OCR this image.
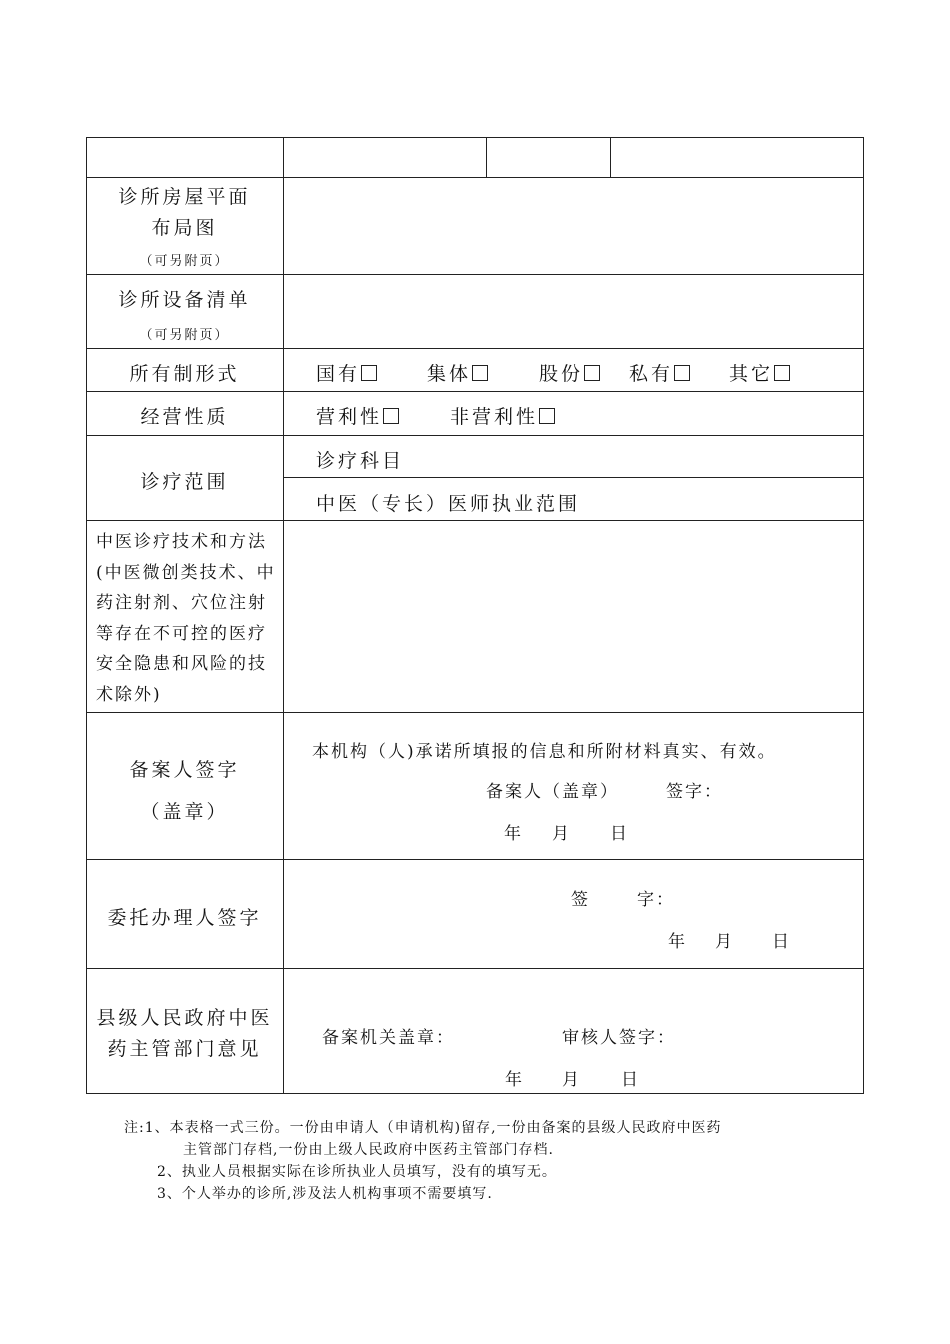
诊所房屋平面
布局图
（可另附页）
诊所设备清单
（可另附页）
所有制形式	国有	集体	股份	私有	其它
经营性质	营利性	非营利性
诊疗范围
诊疗科目
中医（专长）医师执业范围
中医诊疗技术和方法(中医微创类技术、中药注射剂、穴位注射等存在不可控的医疗安全隐患和风险的技术除外)
备案人签字
（盖章）
本机构（人)承诺所填报的信息和所附材料真实、有效。
备案人（盖章）	签字：
年 月 日
委托办理人签字
签	字：
年 月 日
县级人民政府中医
药主管部门意见	备案机关盖章：	审核人签字：
年 月 日
注:1、本表格一式三份。一份由申请人（申请机构)留存,一份由备案的县级人民政府中医药
主管部门存档,一份由上级人民政府中医药主管部门存档.
2、执业人员根据实际在诊所执业人员填写，没有的填写无。
3、个人举办的诊所,涉及法人机构事项不需要填写.
